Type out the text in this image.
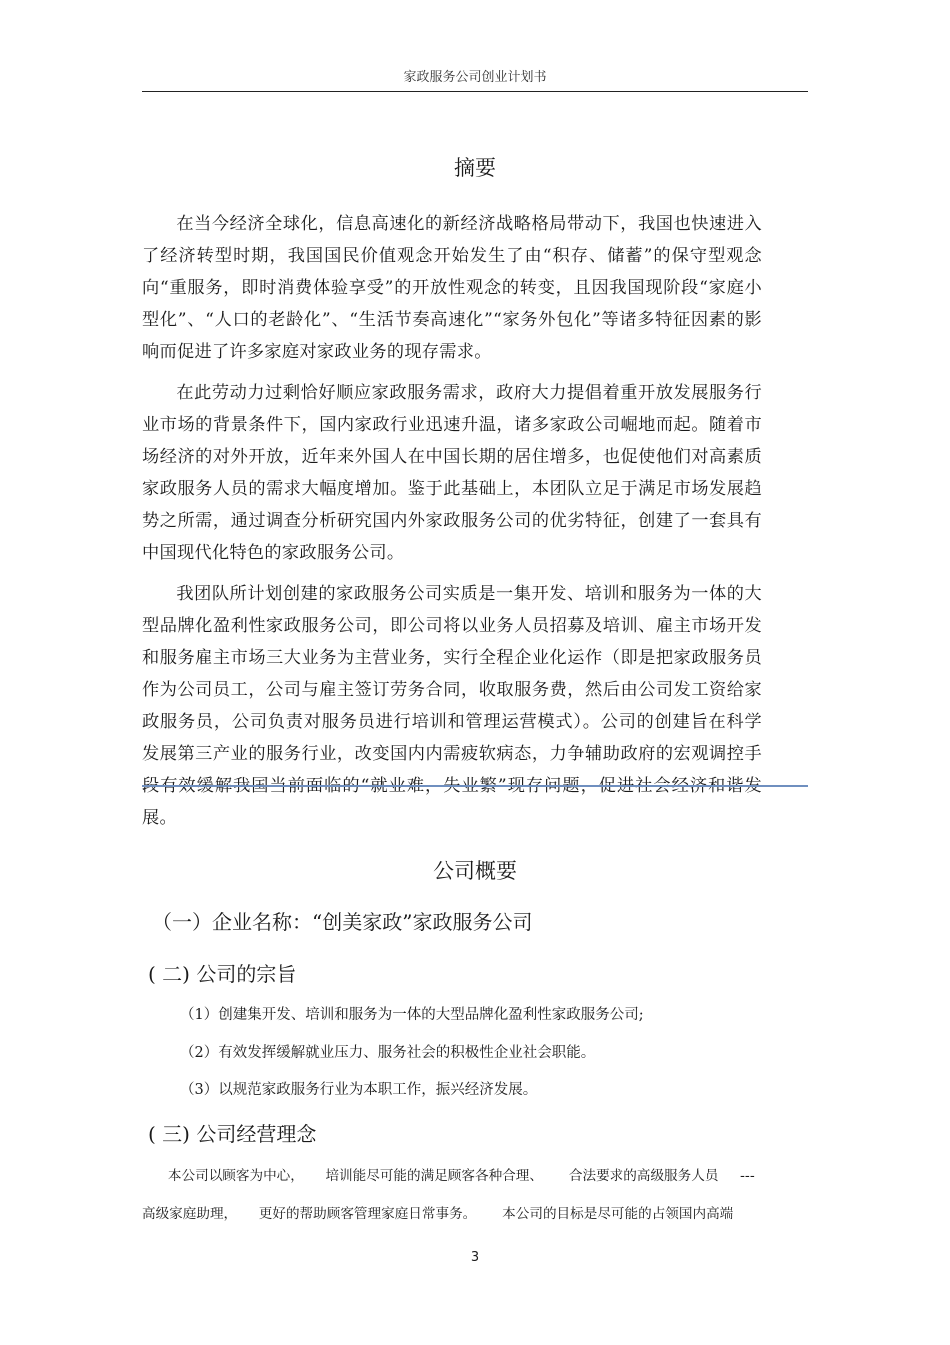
家政服务公司创业计划书
摘要

在当今经济全球化，信息高速化的新经济战略格局带动下，我国也快速进入了经济转型时期，我国国民价值观念开始发生了由“积存、储蓄”的保守型观念向“重服务，即时消费体验享受”的开放性观念的转变，且因我国现阶段“家庭小型化”、“人口的老龄化”、“生活节奏高速化”“家务外包化”等诸多特征因素的影响而促进了许多家庭对家政业务的现存需求。

在此劳动力过剩恰好顺应家政服务需求，政府大力提倡着重开放发展服务行业市场的背景条件下，国内家政行业迅速升温，诸多家政公司崛地而起。随着市场经济的对外开放，近年来外国人在中国长期的居住增多，也促使他们对高素质家政服务人员的需求大幅度增加。鉴于此基础上，本团队立足于满足市场发展趋势之所需，通过调查分析研究国内外家政服务公司的优劣特征，创建了一套具有中国现代化特色的家政服务公司。

我团队所计划创建的家政服务公司实质是一集开发、培训和服务为一体的大型品牌化盈利性家政服务公司，即公司将以业务人员招募及培训、雇主市场开发和服务雇主市场三大业务为主营业务，实行全程企业化运作（即是把家政服务员作为公司员工，公司与雇主签订劳务合同，收取服务费，然后由公司发工资给家政服务员，公司负责对服务员进行培训和管理运营模式）。公司的创建旨在科学发展第三产业的服务行业，改变国内内需疲软病态，力争辅助政府的宏观调控手段有效缓解我国当前面临的“就业难，失业繁”现存问题，促进社会经济和谐发展。

公司概要
（一）企业名称：“创美家政”家政服务公司
( 二) 公司的宗旨
（1）创建集开发、培训和服务为一体的大型品牌化盈利性家政服务公司;
（2）有效发挥缓解就业压力、服务社会的积极性企业社会职能。
（3）以规范家政服务行业为本职工作，振兴经济发展。
( 三) 公司经营理念
本公司以顾客为中心，     培训能尽可能的满足顾客各种合理、      合法要求的高级服务人员     ---
高级家庭助理，     更好的帮助顾客管理家庭日常事务。      本公司的目标是尽可能的占领国内高端
3
